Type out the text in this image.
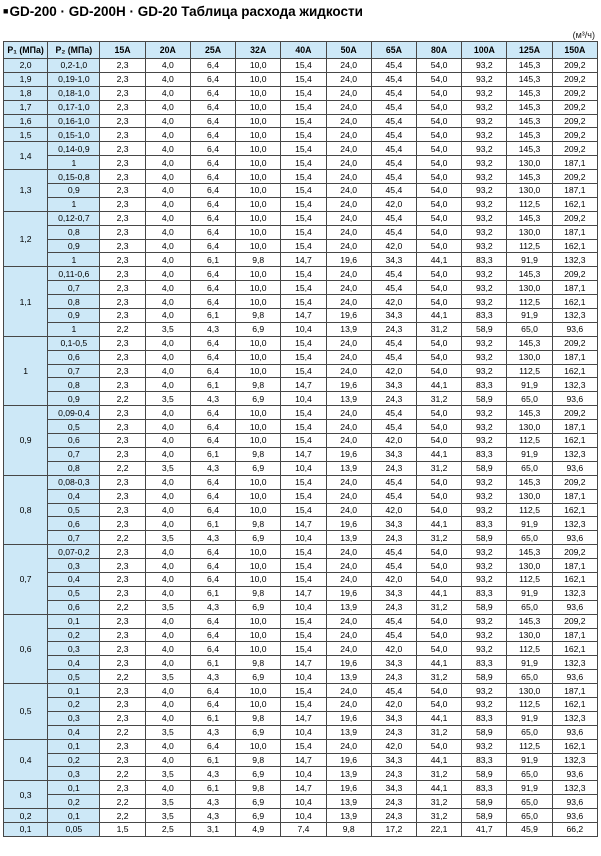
■GD-200 · GD-200H · GD-20 Таблица расхода жидкости
(м³/ч)
P₁ (МПа)	P₂ (МПа)	15A	20A	25A	32A	40A	50A	65A	80A	100A	125A	150A
2,0	0,2-1,0	2,3	4,0	6,4	10,0	15,4	24,0	45,4	54,0	93,2	145,3	209,2
1,9	0,19-1,0	2,3	4,0	6,4	10,0	15,4	24,0	45,4	54,0	93,2	145,3	209,2
1,8	0,18-1,0	2,3	4,0	6,4	10,0	15,4	24,0	45,4	54,0	93,2	145,3	209,2
1,7	0,17-1,0	2,3	4,0	6,4	10,0	15,4	24,0	45,4	54,0	93,2	145,3	209,2
1,6	0,16-1,0	2,3	4,0	6,4	10,0	15,4	24,0	45,4	54,0	93,2	145,3	209,2
1,5	0,15-1,0	2,3	4,0	6,4	10,0	15,4	24,0	45,4	54,0	93,2	145,3	209,2
1,4	0,14-0,9	2,3	4,0	6,4	10,0	15,4	24,0	45,4	54,0	93,2	145,3	209,2
	1	2,3	4,0	6,4	10,0	15,4	24,0	45,4	54,0	93,2	130,0	187,1
1,3	0,15-0,8	2,3	4,0	6,4	10,0	15,4	24,0	45,4	54,0	93,2	145,3	209,2
	0,9	2,3	4,0	6,4	10,0	15,4	24,0	45,4	54,0	93,2	130,0	187,1
	1	2,3	4,0	6,4	10,0	15,4	24,0	42,0	54,0	93,2	112,5	162,1
1,2	0,12-0,7	2,3	4,0	6,4	10,0	15,4	24,0	45,4	54,0	93,2	145,3	209,2
	0,8	2,3	4,0	6,4	10,0	15,4	24,0	45,4	54,0	93,2	130,0	187,1
	0,9	2,3	4,0	6,4	10,0	15,4	24,0	42,0	54,0	93,2	112,5	162,1
	1	2,3	4,0	6,1	9,8	14,7	19,6	34,3	44,1	83,3	91,9	132,3
1,1	0,11-0,6	2,3	4,0	6,4	10,0	15,4	24,0	45,4	54,0	93,2	145,3	209,2
	0,7	2,3	4,0	6,4	10,0	15,4	24,0	45,4	54,0	93,2	130,0	187,1
	0,8	2,3	4,0	6,4	10,0	15,4	24,0	42,0	54,0	93,2	112,5	162,1
	0,9	2,3	4,0	6,1	9,8	14,7	19,6	34,3	44,1	83,3	91,9	132,3
	1	2,2	3,5	4,3	6,9	10,4	13,9	24,3	31,2	58,9	65,0	93,6
1	0,1-0,5	2,3	4,0	6,4	10,0	15,4	24,0	45,4	54,0	93,2	145,3	209,2
	0,6	2,3	4,0	6,4	10,0	15,4	24,0	45,4	54,0	93,2	130,0	187,1
	0,7	2,3	4,0	6,4	10,0	15,4	24,0	42,0	54,0	93,2	112,5	162,1
	0,8	2,3	4,0	6,1	9,8	14,7	19,6	34,3	44,1	83,3	91,9	132,3
	0,9	2,2	3,5	4,3	6,9	10,4	13,9	24,3	31,2	58,9	65,0	93,6
0,9	0,09-0,4	2,3	4,0	6,4	10,0	15,4	24,0	45,4	54,0	93,2	145,3	209,2
	0,5	2,3	4,0	6,4	10,0	15,4	24,0	45,4	54,0	93,2	130,0	187,1
	0,6	2,3	4,0	6,4	10,0	15,4	24,0	42,0	54,0	93,2	112,5	162,1
	0,7	2,3	4,0	6,1	9,8	14,7	19,6	34,3	44,1	83,3	91,9	132,3
	0,8	2,2	3,5	4,3	6,9	10,4	13,9	24,3	31,2	58,9	65,0	93,6
0,8	0,08-0,3	2,3	4,0	6,4	10,0	15,4	24,0	45,4	54,0	93,2	145,3	209,2
	0,4	2,3	4,0	6,4	10,0	15,4	24,0	45,4	54,0	93,2	130,0	187,1
	0,5	2,3	4,0	6,4	10,0	15,4	24,0	42,0	54,0	93,2	112,5	162,1
	0,6	2,3	4,0	6,1	9,8	14,7	19,6	34,3	44,1	83,3	91,9	132,3
	0,7	2,2	3,5	4,3	6,9	10,4	13,9	24,3	31,2	58,9	65,0	93,6
0,7	0,07-0,2	2,3	4,0	6,4	10,0	15,4	24,0	45,4	54,0	93,2	145,3	209,2
	0,3	2,3	4,0	6,4	10,0	15,4	24,0	45,4	54,0	93,2	130,0	187,1
	0,4	2,3	4,0	6,4	10,0	15,4	24,0	42,0	54,0	93,2	112,5	162,1
	0,5	2,3	4,0	6,1	9,8	14,7	19,6	34,3	44,1	83,3	91,9	132,3
	0,6	2,2	3,5	4,3	6,9	10,4	13,9	24,3	31,2	58,9	65,0	93,6
0,6	0,1	2,3	4,0	6,4	10,0	15,4	24,0	45,4	54,0	93,2	145,3	209,2
	0,2	2,3	4,0	6,4	10,0	15,4	24,0	45,4	54,0	93,2	130,0	187,1
	0,3	2,3	4,0	6,4	10,0	15,4	24,0	42,0	54,0	93,2	112,5	162,1
	0,4	2,3	4,0	6,1	9,8	14,7	19,6	34,3	44,1	83,3	91,9	132,3
	0,5	2,2	3,5	4,3	6,9	10,4	13,9	24,3	31,2	58,9	65,0	93,6
0,5	0,1	2,3	4,0	6,4	10,0	15,4	24,0	45,4	54,0	93,2	130,0	187,1
	0,2	2,3	4,0	6,4	10,0	15,4	24,0	42,0	54,0	93,2	112,5	162,1
	0,3	2,3	4,0	6,1	9,8	14,7	19,6	34,3	44,1	83,3	91,9	132,3
	0,4	2,2	3,5	4,3	6,9	10,4	13,9	24,3	31,2	58,9	65,0	93,6
0,4	0,1	2,3	4,0	6,4	10,0	15,4	24,0	42,0	54,0	93,2	112,5	162,1
	0,2	2,3	4,0	6,1	9,8	14,7	19,6	34,3	44,1	83,3	91,9	132,3
	0,3	2,2	3,5	4,3	6,9	10,4	13,9	24,3	31,2	58,9	65,0	93,6
0,3	0,1	2,3	4,0	6,1	9,8	14,7	19,6	34,3	44,1	83,3	91,9	132,3
	0,2	2,2	3,5	4,3	6,9	10,4	13,9	24,3	31,2	58,9	65,0	93,6
0,2	0,1	2,2	3,5	4,3	6,9	10,4	13,9	24,3	31,2	58,9	65,0	93,6
0,1	0,05	1,5	2,5	3,1	4,9	7,4	9,8	17,2	22,1	41,7	45,9	66,2
